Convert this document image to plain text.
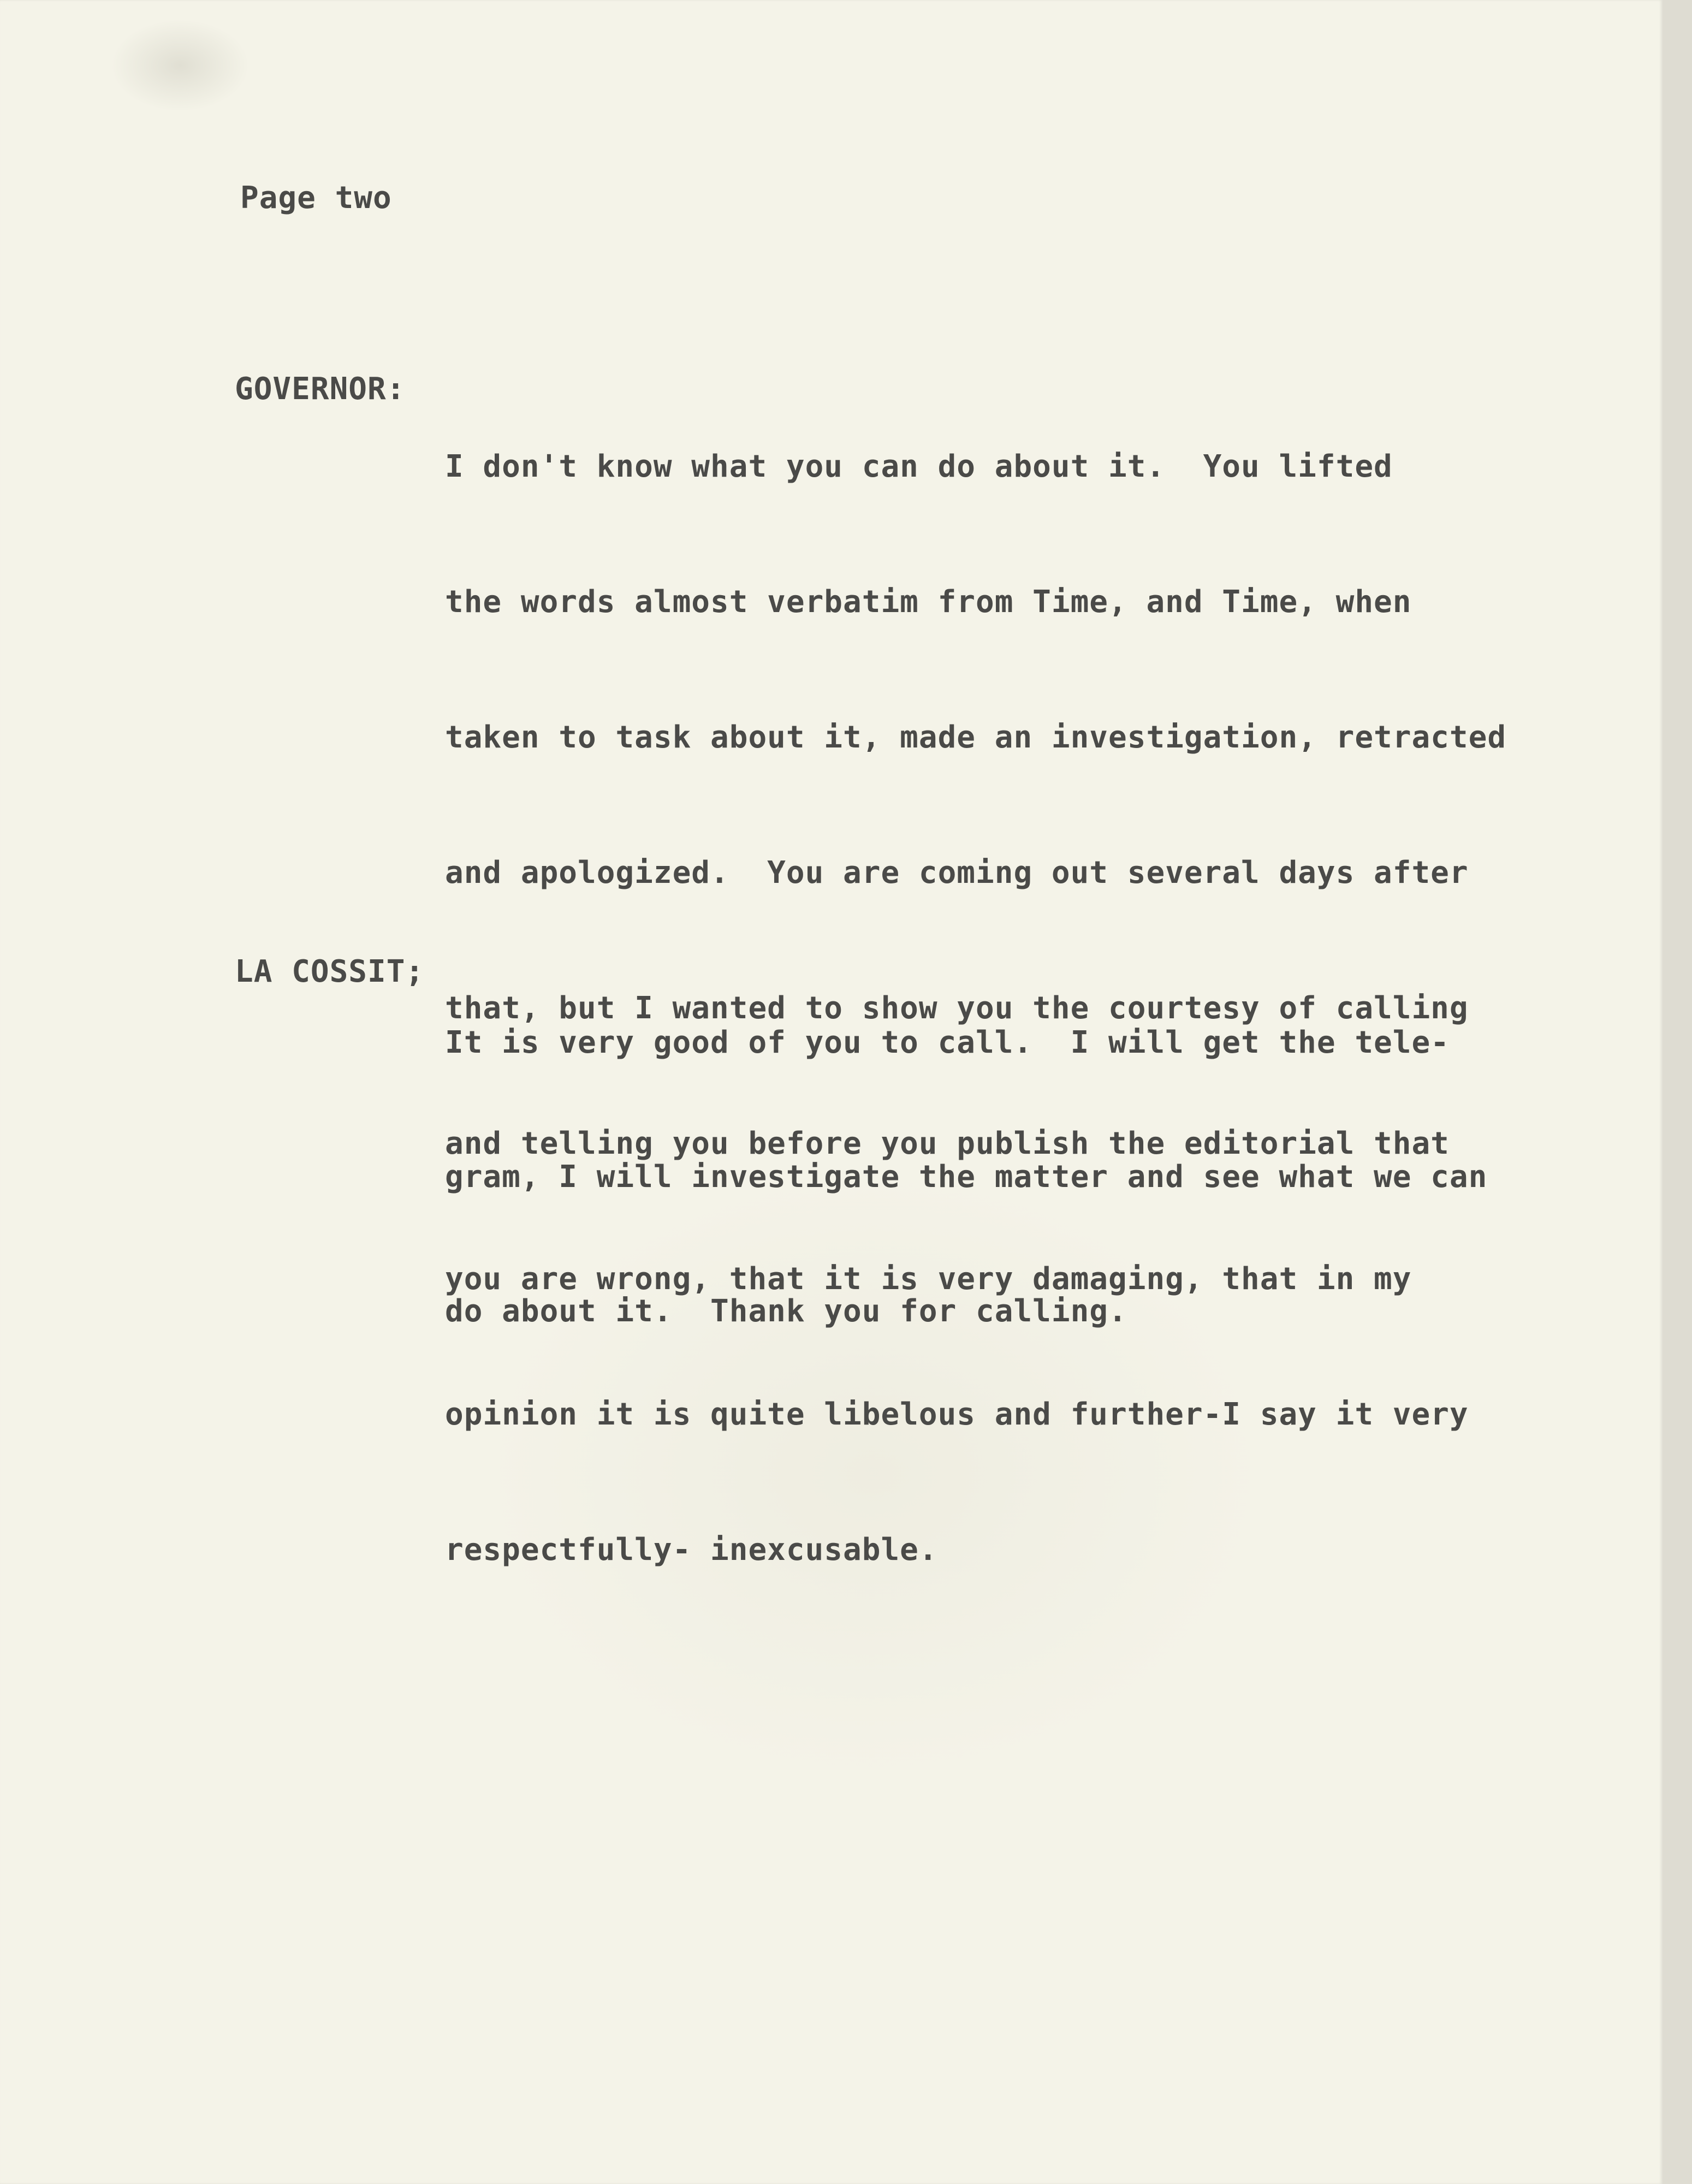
Page two
GOVERNOR:

I don't know what you can do about it.  You lifted

the words almost verbatim from Time, and Time, when

taken to task about it, made an investigation, retracted

and apologized.  You are coming out several days after

that, but I wanted to show you the courtesy of calling

and telling you before you publish the editorial that

you are wrong, that it is very damaging, that in my

opinion it is quite libelous and further-I say it very

respectfully- inexcusable.

LA COSSIT;

It is very good of you to call.  I will get the tele-

gram, I will investigate the matter and see what we can

do about it.  Thank you for calling.
